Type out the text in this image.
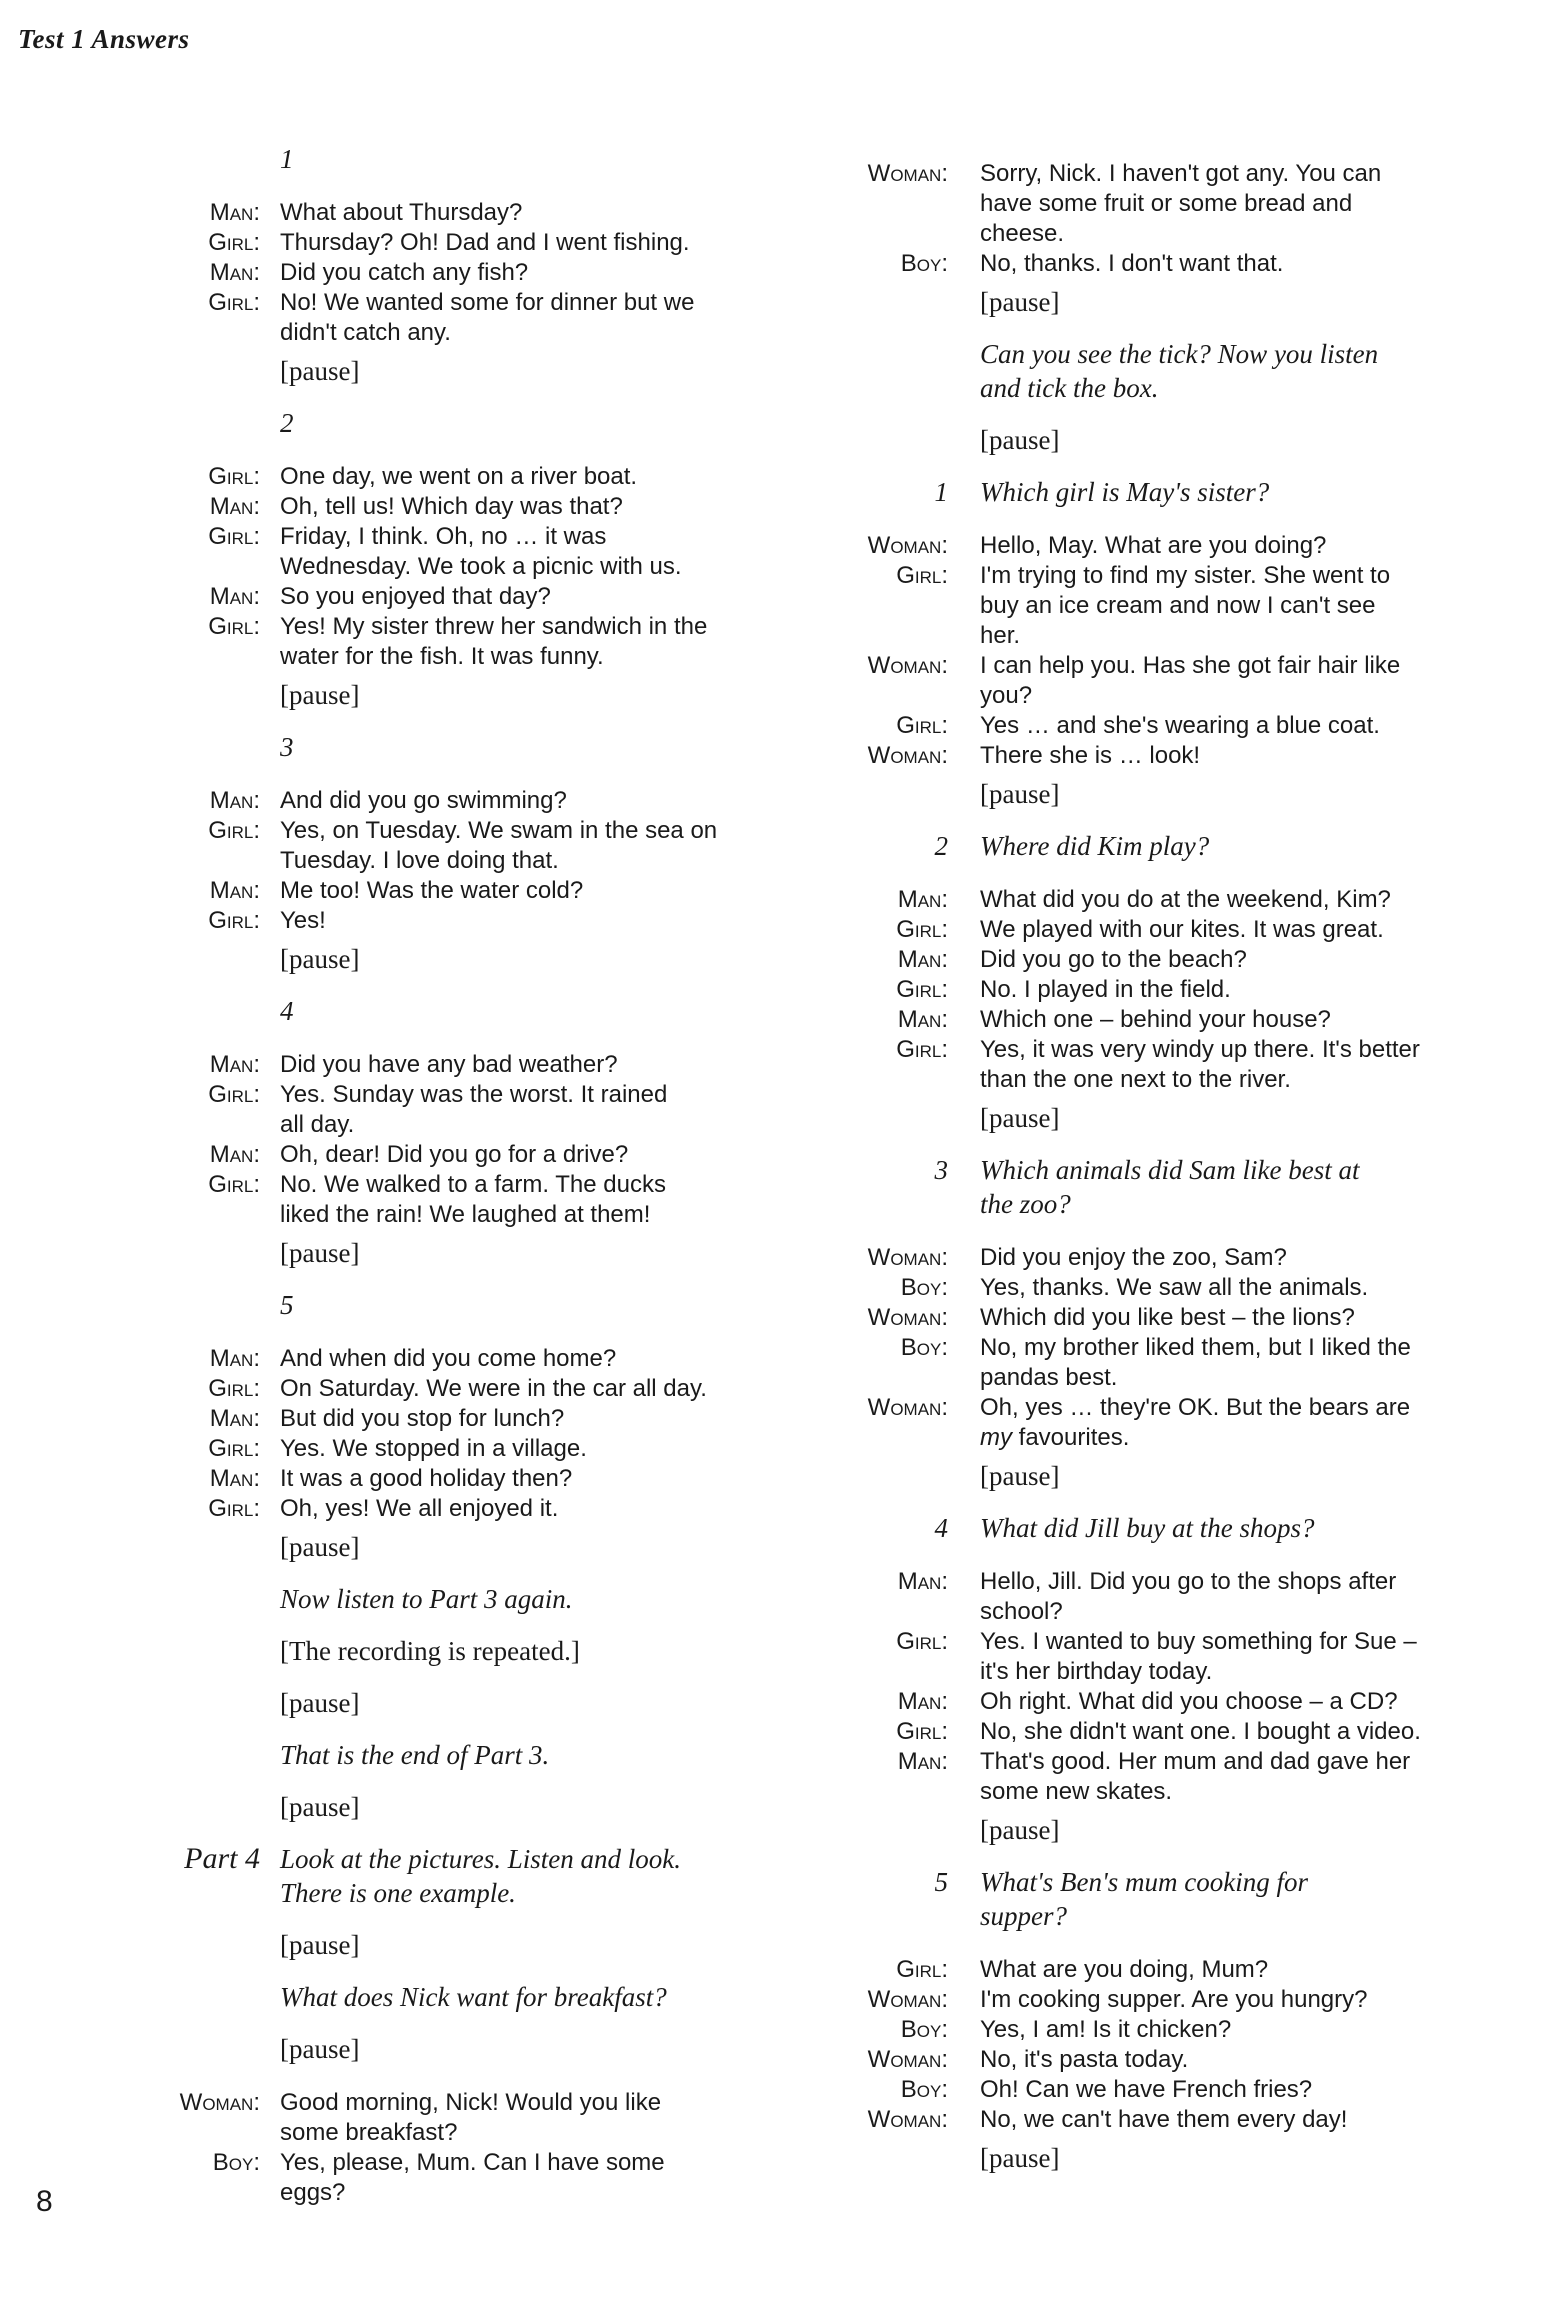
Test 1 Answers
1
Man: What about Thursday?
Girl: Thursday? Oh! Dad and I went fishing.
Man: Did you catch any fish?
Girl: No! We wanted some for dinner but we
didn't catch any.
[pause]
2
Girl: One day, we went on a river boat.
Man: Oh, tell us! Which day was that?
Girl: Friday, I think. Oh, no … it was
Wednesday. We took a picnic with us.
Man: So you enjoyed that day?
Girl: Yes! My sister threw her sandwich in the
water for the fish. It was funny.
[pause]
3
Man: And did you go swimming?
Girl: Yes, on Tuesday. We swam in the sea on
Tuesday. I love doing that.
Man: Me too! Was the water cold?
Girl: Yes!
[pause]
4
Man: Did you have any bad weather?
Girl: Yes. Sunday was the worst. It rained
all day.
Man: Oh, dear! Did you go for a drive?
Girl: No. We walked to a farm. The ducks
liked the rain! We laughed at them!
[pause]
5
Man: And when did you come home?
Girl: On Saturday. We were in the car all day.
Man: But did you stop for lunch?
Girl: Yes. We stopped in a village.
Man: It was a good holiday then?
Girl: Oh, yes! We all enjoyed it.
[pause]
Now listen to Part 3 again.
[The recording is repeated.]
[pause]
That is the end of Part 3.
[pause]
Part 4 Look at the pictures. Listen and look.
There is one example.
[pause]
What does Nick want for breakfast?
[pause]
Woman: Good morning, Nick! Would you like
some breakfast?
Boy: Yes, please, Mum. Can I have some
eggs?
Woman: Sorry, Nick. I haven't got any. You can
have some fruit or some bread and
cheese.
Boy: No, thanks. I don't want that.
[pause]
Can you see the tick? Now you listen
and tick the box.
[pause]
1 Which girl is May's sister?
Woman: Hello, May. What are you doing?
Girl: I'm trying to find my sister. She went to
buy an ice cream and now I can't see
her.
Woman: I can help you. Has she got fair hair like
you?
Girl: Yes … and she's wearing a blue coat.
Woman: There she is … look!
[pause]
2 Where did Kim play?
Man: What did you do at the weekend, Kim?
Girl: We played with our kites. It was great.
Man: Did you go to the beach?
Girl: No. I played in the field.
Man: Which one – behind your house?
Girl: Yes, it was very windy up there. It's better
than the one next to the river.
[pause]
3 Which animals did Sam like best at
the zoo?
Woman: Did you enjoy the zoo, Sam?
Boy: Yes, thanks. We saw all the animals.
Woman: Which did you like best – the lions?
Boy: No, my brother liked them, but I liked the
pandas best.
Woman: Oh, yes … they're OK. But the bears are
my favourites.
[pause]
4 What did Jill buy at the shops?
Man: Hello, Jill. Did you go to the shops after
school?
Girl: Yes. I wanted to buy something for Sue –
it's her birthday today.
Man: Oh right. What did you choose – a CD?
Girl: No, she didn't want one. I bought a video.
Man: That's good. Her mum and dad gave her
some new skates.
[pause]
5 What's Ben's mum cooking for
supper?
Girl: What are you doing, Mum?
Woman: I'm cooking supper. Are you hungry?
Boy: Yes, I am! Is it chicken?
Woman: No, it's pasta today.
Boy: Oh! Can we have French fries?
Woman: No, we can't have them every day!
[pause]
8
